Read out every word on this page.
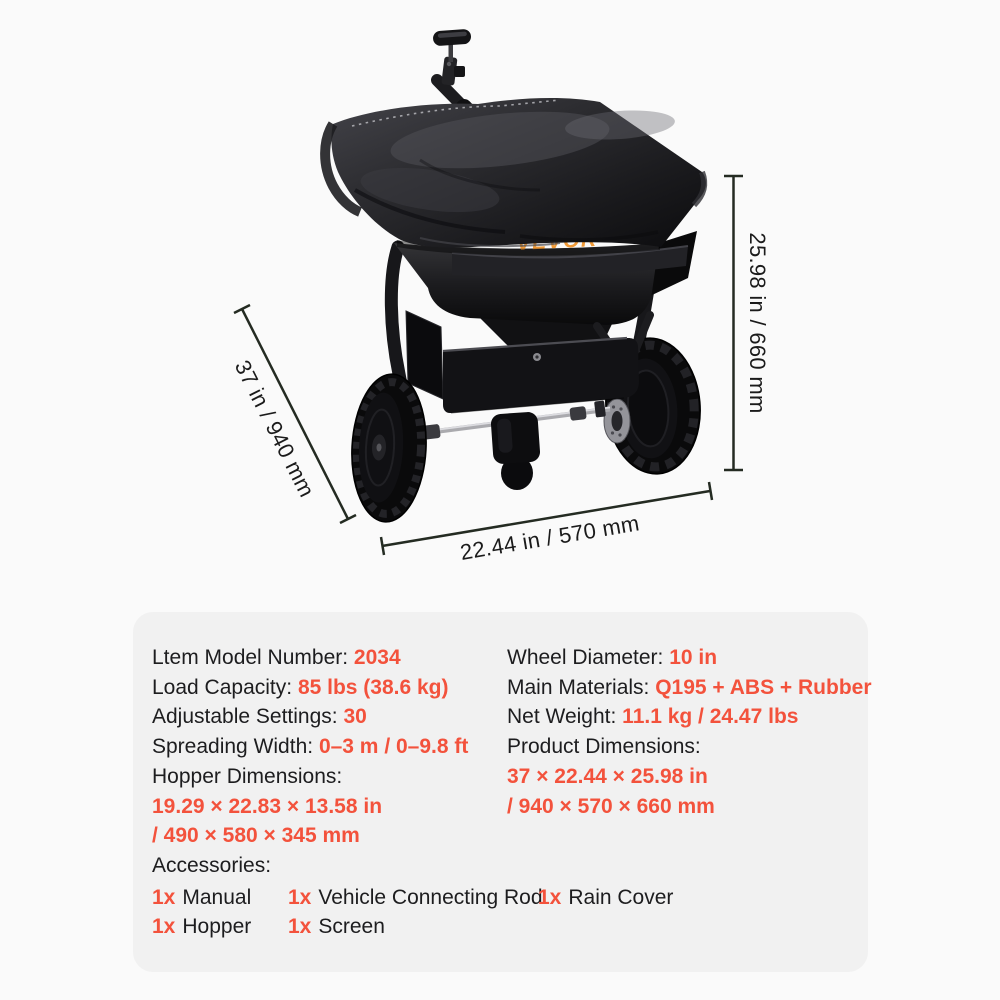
25.98 in / 660 mm
37 in / 940 mm
22.44 in / 570 mm
Ltem Model Number: 2034
Load Capacity: 85 lbs (38.6 kg)
Adjustable Settings: 30
Spreading Width: 0–3 m / 0–9.8 ft
Hopper Dimensions:
19.29 × 22.83 × 13.58 in
/ 490 × 580 × 345 mm
Accessories:
Wheel Diameter: 10 in
Main Materials: Q195 + ABS + Rubber
Net Weight: 11.1 kg / 24.47 lbs
Product Dimensions:
37 × 22.44 × 25.98 in
/ 940 × 570 × 660 mm
1x Manual	1x Vehicle Connecting Rod
1x Rain Cover
1x Hopper	1x Screen
